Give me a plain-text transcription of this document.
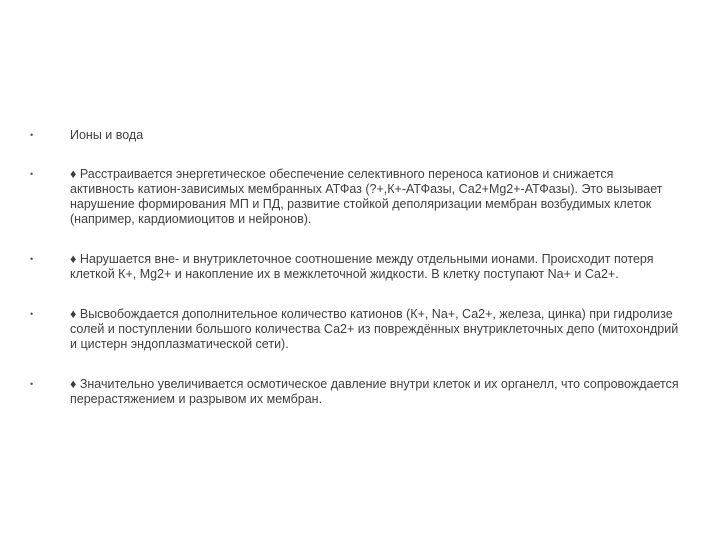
•	Ионы и вода
•	♦ Расстраивается энергетическое обеспечение селективного переноса катионов и снижается активность катион-зависимых мембранных АТФаз (?+,К+-АТФазы, Са2+Mg2+-АТФазы). Это вызывает нарушение формирования МП и ПД, развитие стойкой деполяризации мембран возбудимых клеток (например, кардиомиоцитов и нейронов).
•	♦ Нарушается вне- и внутриклеточное соотношение между отдельными ионами. Происходит потеря клеткой К+, Mg2+ и накопление их в межклеточной жидкости. В клетку поступают Na+ и Са2+.
•	♦ Высвобождается дополнительное количество катионов (К+, Na+, Са2+, железа, цинка) при гидролизе солей и поступлении большого количества Са2+ из повреждённых внутриклеточных депо (митохондрий и цистерн эндоплазматической сети).
•	♦ Значительно увеличивается осмотическое давление внутри клеток и их органелл, что сопровождается перерастяжением и разрывом их мембран.
